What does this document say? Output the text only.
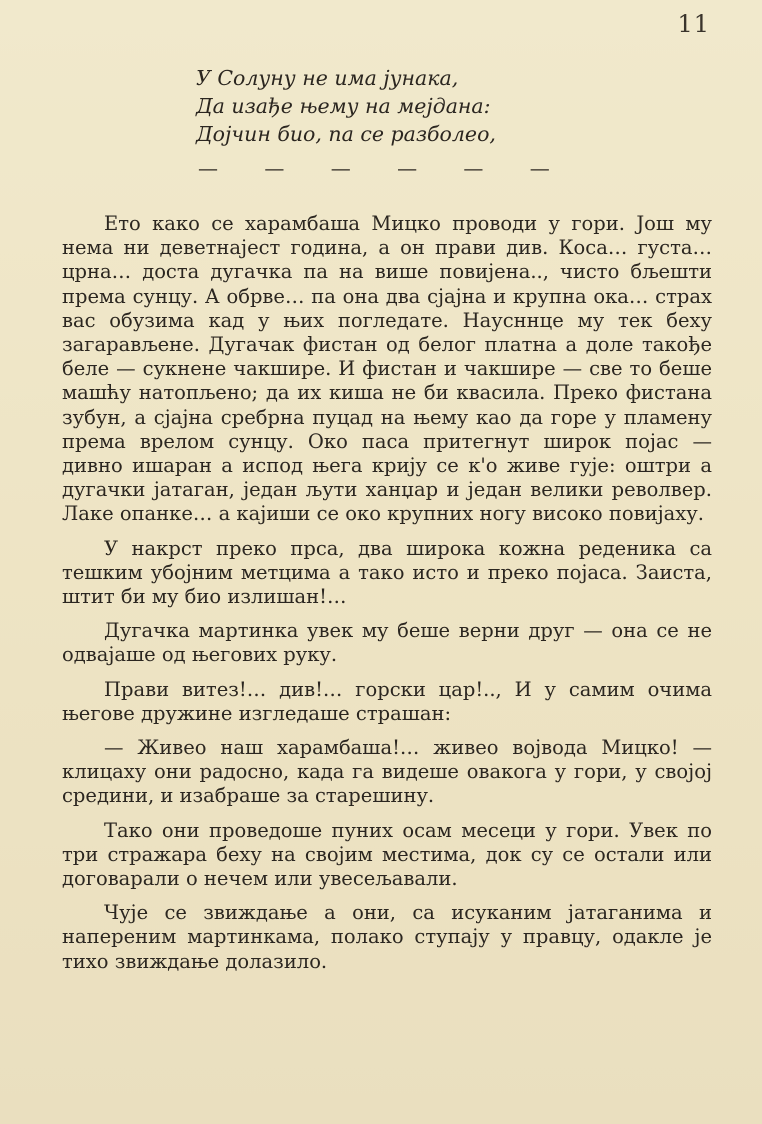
11
У Солуну не има јунака,
Да изађе њему на мејдана:
Дојчин био, па се разболео,
— — — — — —

Ето како се харамбаша Мицко проводи у гори. Још му нема ни деветнајест година, а он прави див. Коса… густа… црна… доста дугачка па на више повијена.., чисто бљешти према сунцу. А обрве… па она два сјајна и крупна ока… страх вас обузима кад у њих погледате. Наусннце му тек беху загарављене. Дугачак фистан од белог платна а доле такође беле — сукнене чакшире. И фистан и чакшире — све то беше машћу натопљено; да их киша не би квасила. Преко фистана зубун, а сјајна сребрна пуцад на њему као да горе у пламену према врелом сунцу. Око паса притегнут широк појас — дивно ишаран а испод њега крију се к'о живе гује: оштри а дугачки јатаган, један љути ханџар и један велики револвер. Лаке опанке… а кајиши се око крупних ногу високо повијаху.

У накрст преко прса, два широка кожна реденика са тешким убојним метцима а тако исто и преко појаса. Заиста, штит би му био излишан!…

Дугачка мартинка увек му беше верни друг — она се не одвајаше од његових руку.

Прави витез!… див!… горски цар!.., И у самим очима његове дружине изгледаше страшан:

— Живео наш харамбаша!… живео војвода Мицко! — клицаху они радосно, када га видеше овакога у гори, у својој средини, и изабраше за старешину.

Тако они проведоше пуних осам месеци у гори. Увек по три стражара беху на својим местима, док су се остали или договарали о нечем или увесељавали.

Чује се звиждање а они, са исуканим јатаганима и напереним мартинкама, полако ступају у правцу, одакле је тихо звиждање долазило.
